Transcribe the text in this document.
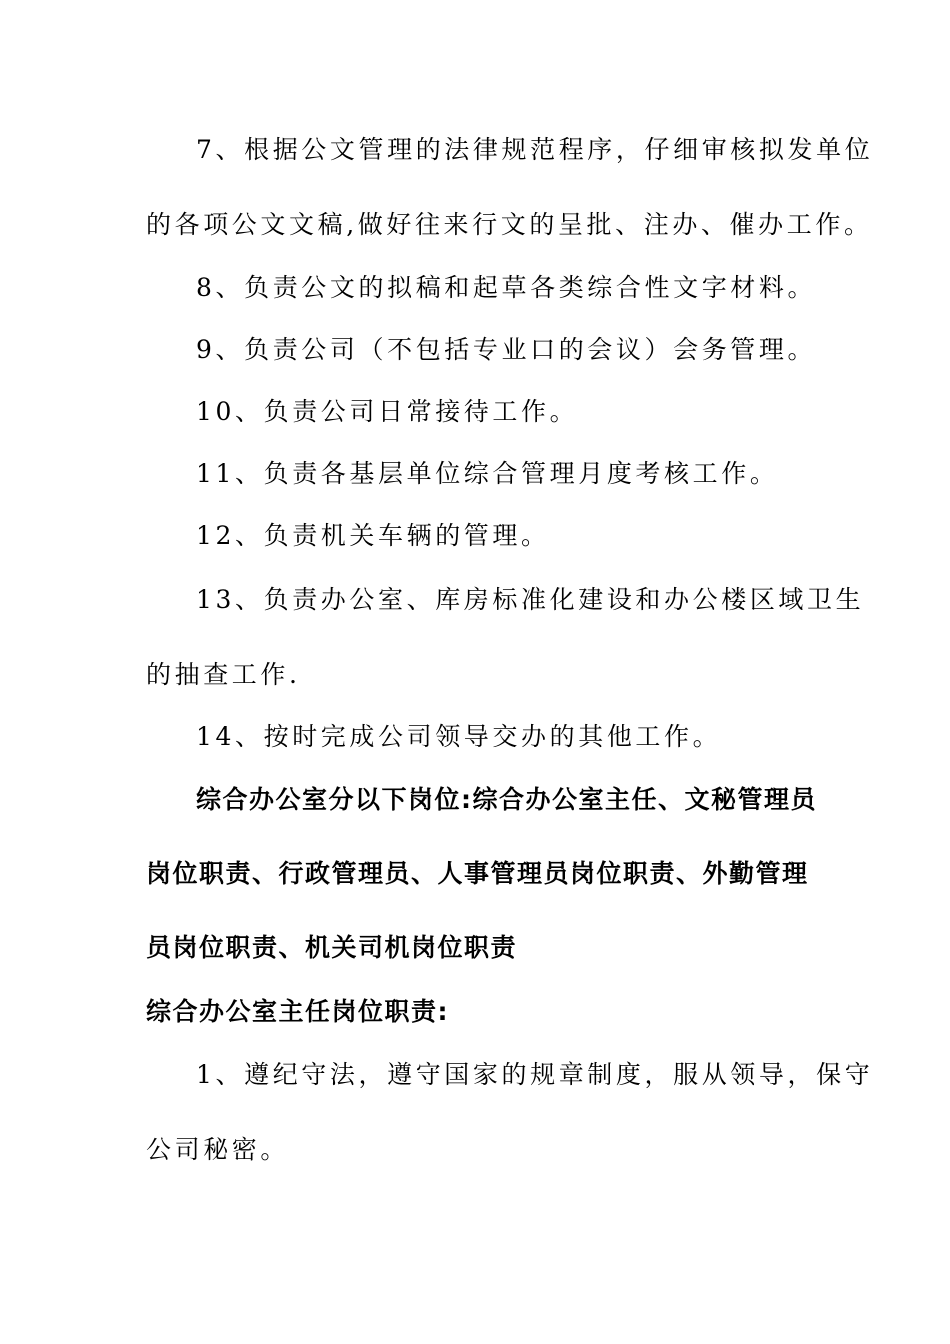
7、根据公文管理的法律规范程序，仔细审核拟发单位

的各项公文文稿,做好往来行文的呈批、注办、催办工作。

8、负责公文的拟稿和起草各类综合性文字材料。

9、负责公司（不包括专业口的会议）会务管理。

10、负责公司日常接待工作。

11、负责各基层单位综合管理月度考核工作。

12、负责机关车辆的管理。

13、负责办公室、库房标准化建设和办公楼区域卫生

的抽查工作.

14、按时完成公司领导交办的其他工作。

综合办公室分以下岗位:综合办公室主任、文秘管理员

岗位职责、行政管理员、人事管理员岗位职责、外勤管理

员岗位职责、机关司机岗位职责

综合办公室主任岗位职责:

1、遵纪守法，遵守国家的规章制度，服从领导，保守

公司秘密。
